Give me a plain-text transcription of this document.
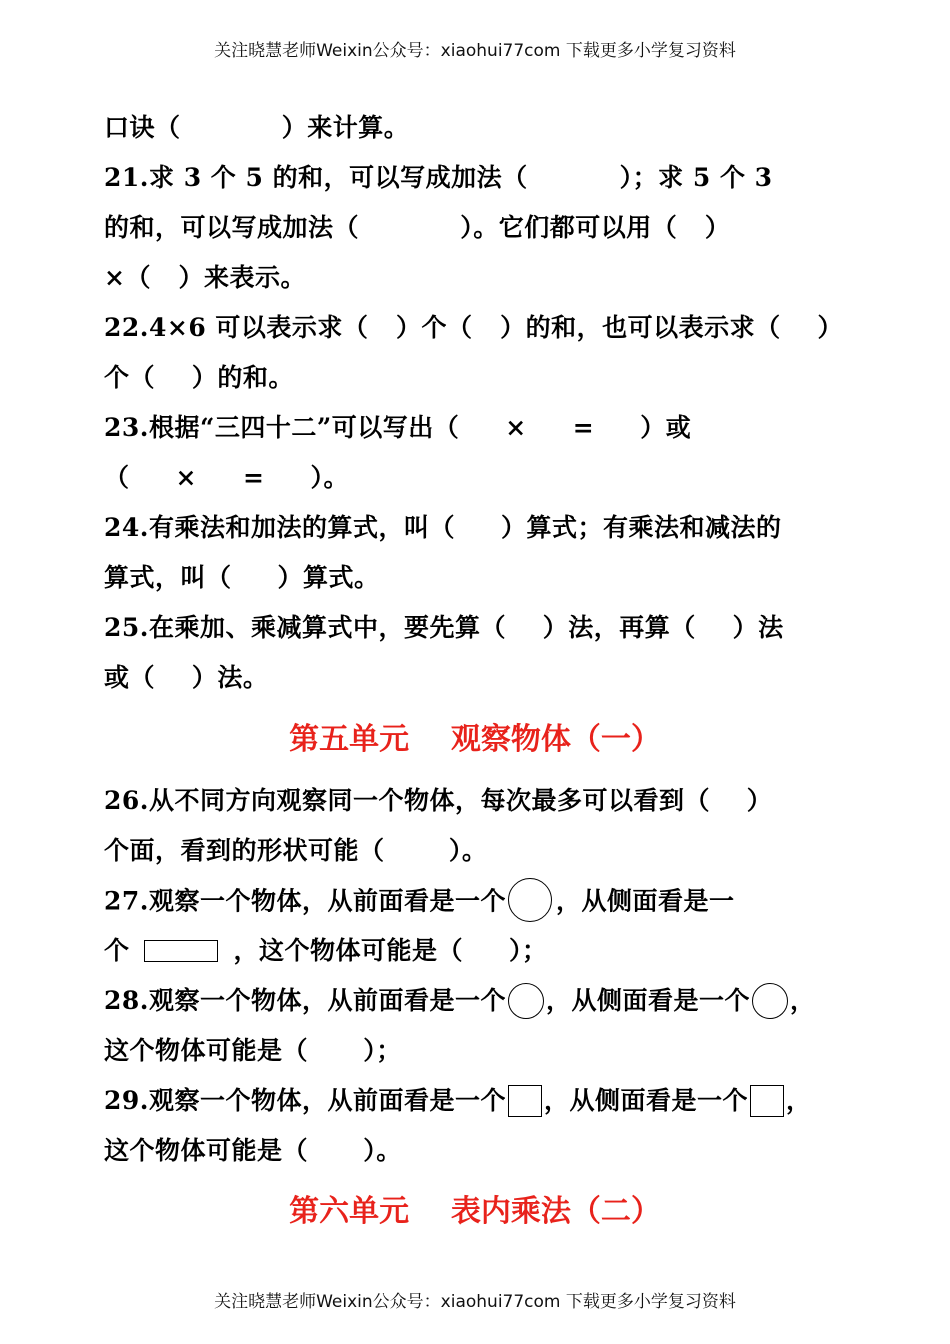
关注晓慧老师Weixin公众号：xiaohui77com 下载更多小学复习资料
口诀（           ）来计算。
21.求 3 个 5 的和，可以写成加法（          ）；求 5 个 3
的和，可以写成加法（           ）。它们都可以用（   ）
×（   ）来表示。
22.4×6 可以表示求（   ）个（   ）的和，也可以表示求（    ）
个（    ）的和。
23.根据“三四十二”可以写出（     ×     =     ）或
（     ×     =     ）。
24.有乘法和加法的算式，叫（     ）算式；有乘法和减法的
算式，叫（     ）算式。
25.在乘加、乘减算式中，要先算（    ）法，再算（    ）法
或（    ）法。
第五单元    观察物体（一）
26.从不同方向观察同一个物体，每次最多可以看到（    ）
个面，看到的形状可能（       ）。
27.观察一个物体，从前面看是一个 ，从侧面看是一
个	，这个物体可能是（     ）；
28.观察一个物体，从前面看是一个 ，从侧面看是一个 ，
这个物体可能是（      ）；
29.观察一个物体，从前面看是一个 ，从侧面看是一个 ，
这个物体可能是（      ）。
第六单元    表内乘法（二）
关注晓慧老师Weixin公众号：xiaohui77com 下载更多小学复习资料
